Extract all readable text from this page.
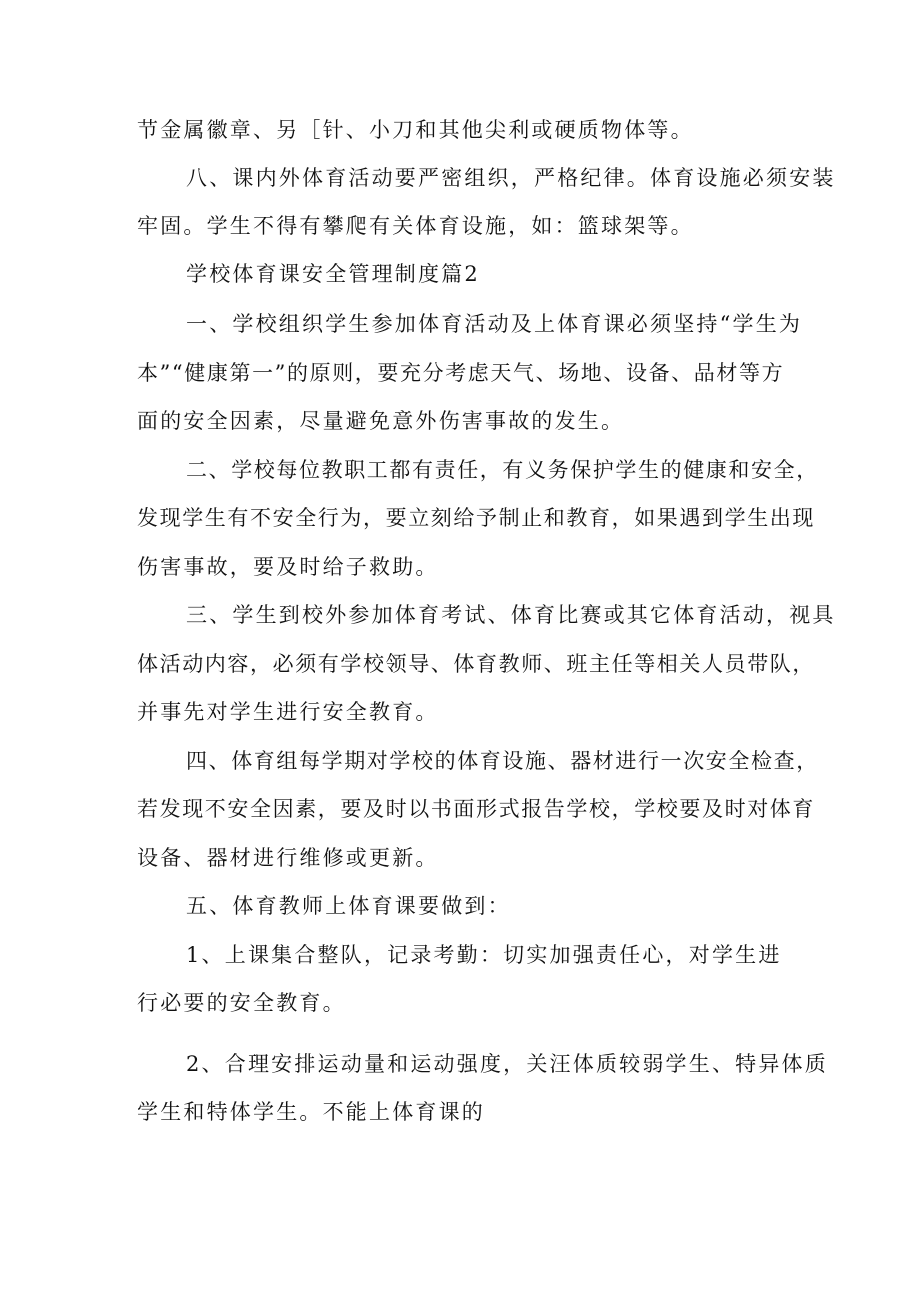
节金属徽章、另［针、小刀和其他尖利或硬质物体等。
八、课内外体育活动要严密组织，严格纪律。体育设施必须安装
牢固。学生不得有攀爬有关体育设施，如：篮球架等。
学校体育课安全管理制度篇2
一、学校组织学生参加体育活动及上体育课必须坚持“学生为
本”“健康第一”的原则，要充分考虑天气、场地、设备、品材等方
面的安全因素，尽量避免意外伤害事故的发生。
二、学校每位教职工都有责任，有义务保护学生的健康和安全，
发现学生有不安全行为，要立刻给予制止和教育，如果遇到学生出现
伤害事故，要及时给子救助。
三、学生到校外参加体育考试、体育比赛或其它体育活动，视具
体活动内容，必须有学校领导、体育教师、班主任等相关人员带队，
并事先对学生进行安全教育。
四、体育组每学期对学校的体育设施、器材进行一次安全检查，
若发现不安全因素，要及时以书面形式报告学校，学校要及时对体育
设备、器材进行维修或更新。
五、体育教师上体育课要做到：
1、上课集合整队，记录考勤：切实加强责任心，对学生进
行必要的安全教育。
2、合理安排运动量和运动强度，关汪体质较弱学生、特异体质
学生和特体学生。不能上体育课的
